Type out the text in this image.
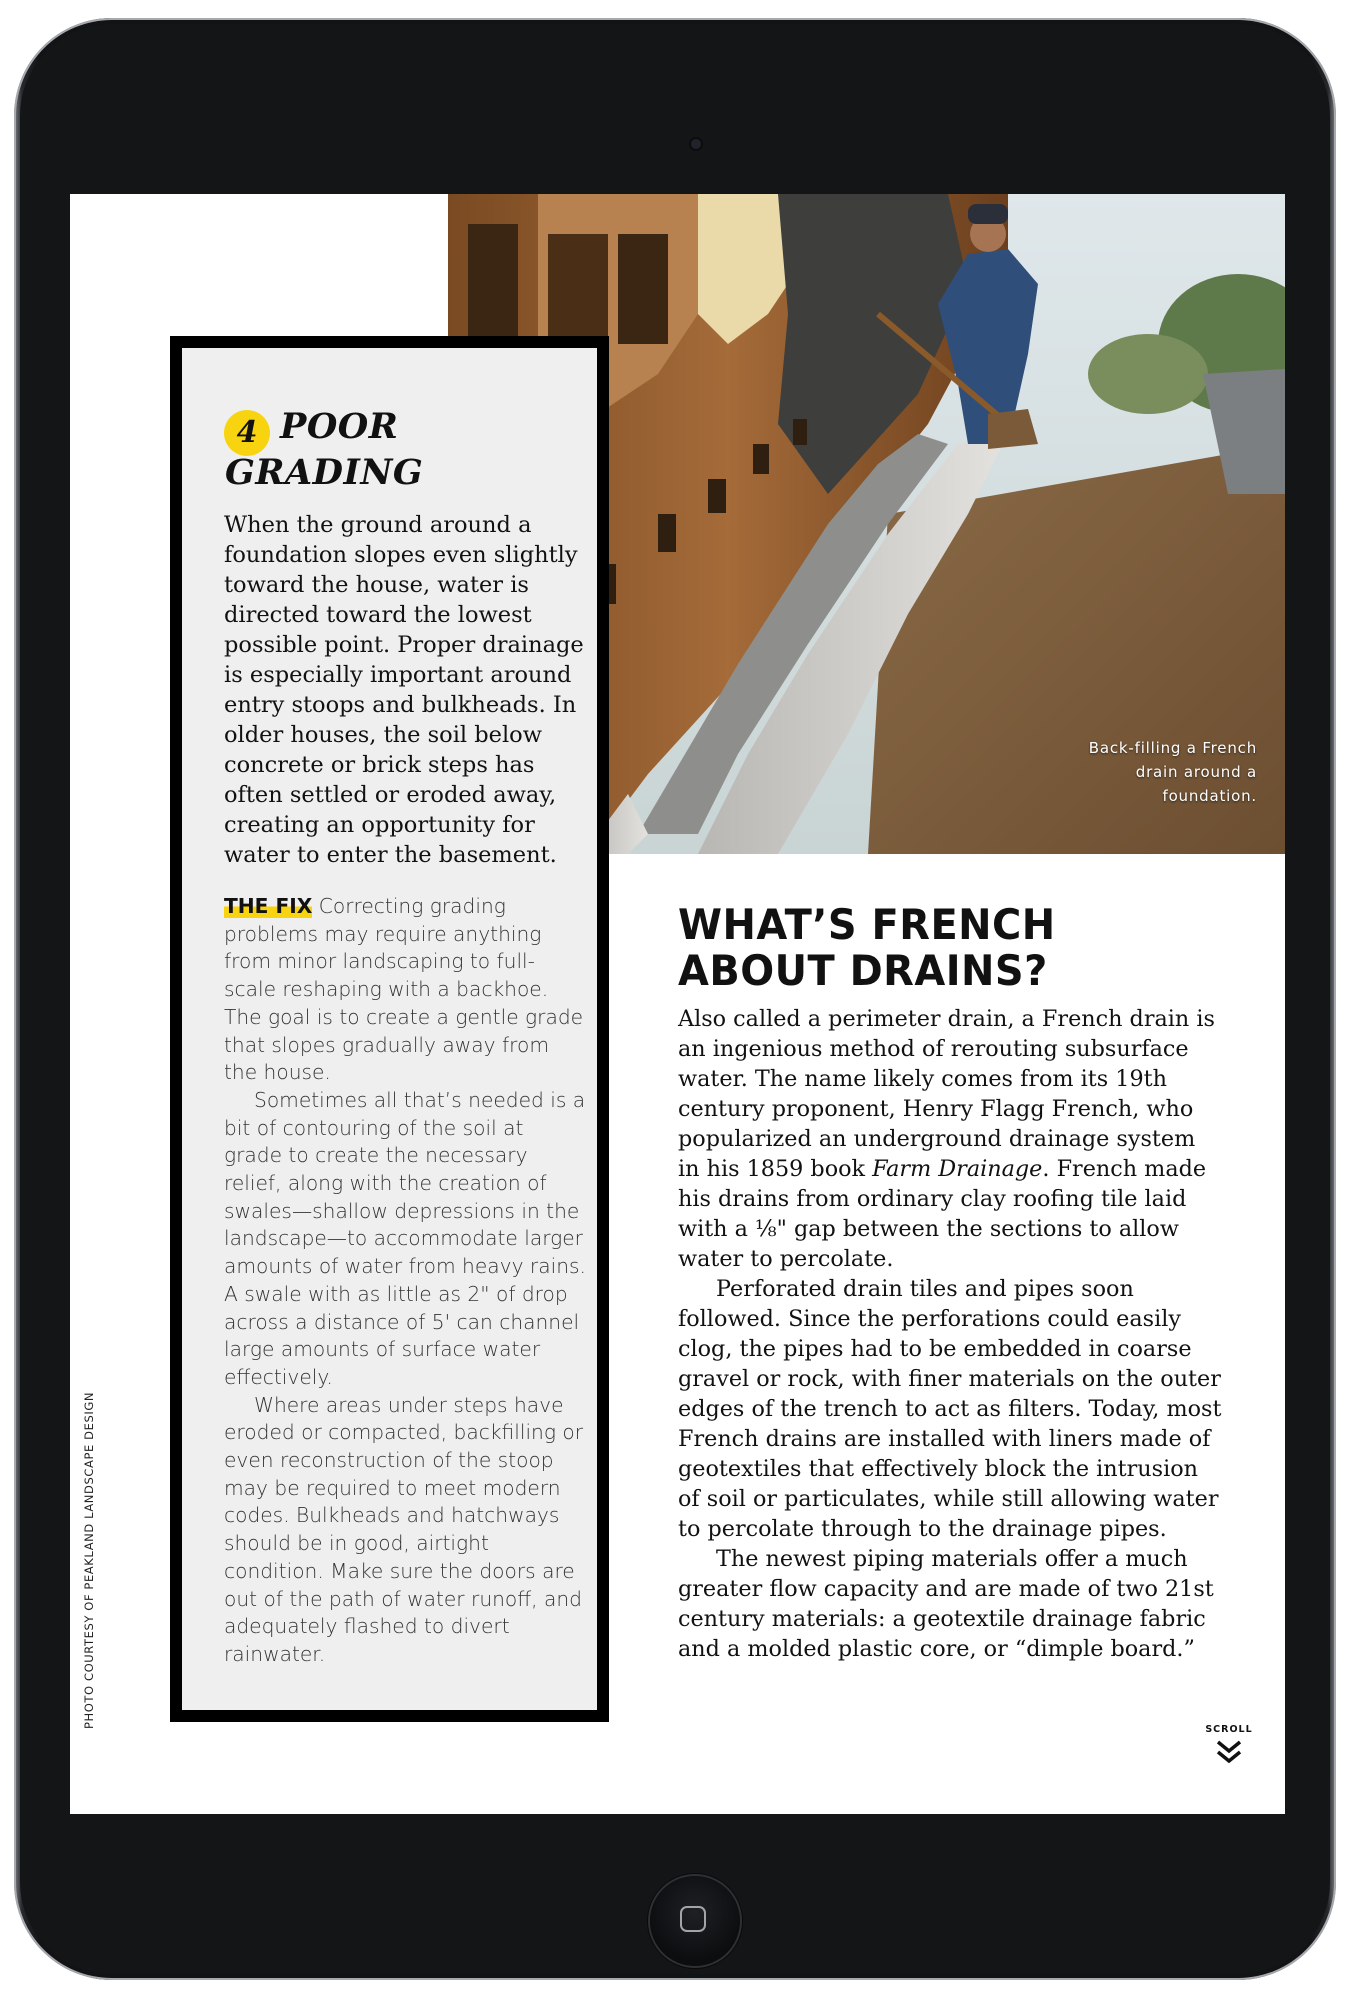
Back-filling a French drain around a foundation.
PHOTO COURTESY OF PEAKLAND LANDSCAPE DESIGN
4 POOR GRADING

When the ground around a foundation slopes even slightly toward the house, water is directed toward the lowest possible point. Proper drainage is especially important around entry stoops and bulkheads. In older houses, the soil below concrete or brick steps has often settled or eroded away, creating an opportunity for water to enter the basement.

THE FIX Correcting grading problems may require anything from minor landscaping to full-scale reshaping with a backhoe. The goal is to create a gentle grade that slopes gradually away from the house.

Sometimes all that’s needed is a bit of contouring of the soil at grade to create the necessary relief, along with the creation of swales—shallow depressions in the landscape—to accommodate larger amounts of water from heavy rains. A swale with as little as 2" of drop across a distance of 5' can channel large amounts of surface water effectively.

Where areas under steps have eroded or compacted, backfilling or even reconstruction of the stoop may be required to meet modern codes. Bulkheads and hatchways should be in good, airtight condition. Make sure the doors are out of the path of water runoff, and adequately flashed to divert rainwater.

WHAT’S FRENCH
ABOUT DRAINS?

Also called a perimeter drain, a French drain is an ingenious method of rerouting subsurface water. The name likely comes from its 19th century proponent, Henry Flagg French, who popularized an underground drainage system in his 1859 book Farm Drainage. French made his drains from ordinary clay roofing tile laid with a ⅛" gap between the sections to allow water to percolate.

Perforated drain tiles and pipes soon followed. Since the perforations could easily clog, the pipes had to be embedded in coarse gravel or rock, with finer materials on the outer edges of the trench to act as filters. Today, most French drains are installed with liners made of geotextiles that effectively block the intrusion of soil or particulates, while still allowing water to percolate through to the drainage pipes.

The newest piping materials offer a much greater flow capacity and are made of two 21st century materials: a geotextile drainage fabric and a molded plastic core, or “dimple board.”

SCROLL
